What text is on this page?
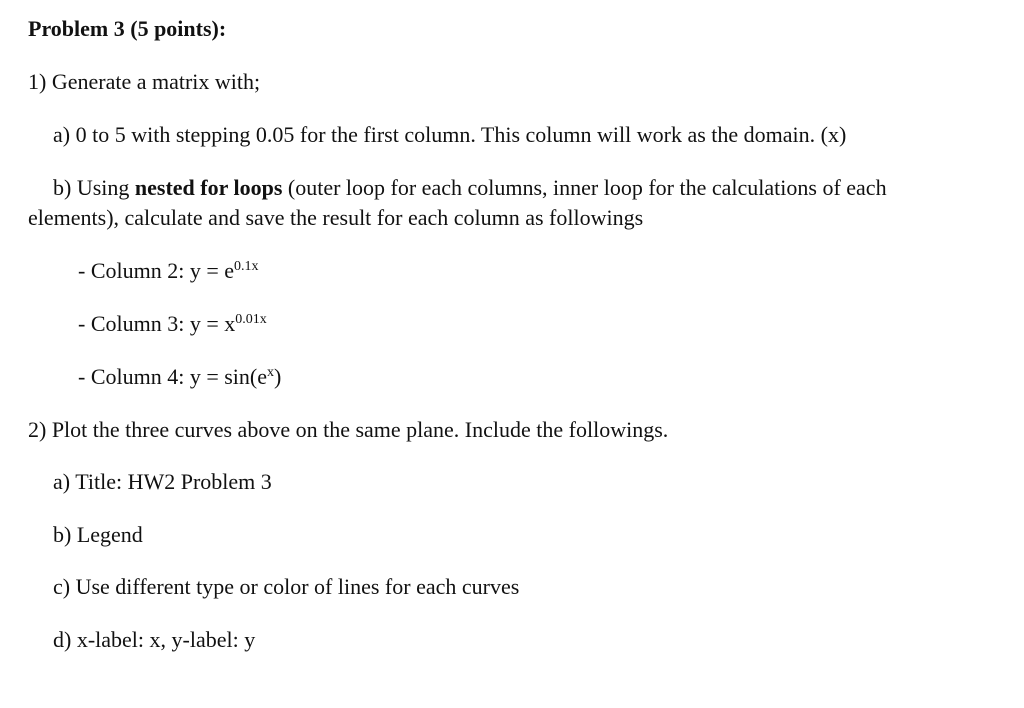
Problem 3 (5 points):
1) Generate a matrix with;
a) 0 to 5 with stepping 0.05 for the first column. This column will work as the domain. (x)
b) Using nested for loops (outer loop for each columns, inner loop for the calculations of each
elements), calculate and save the result for each column as followings
- Column 2: $y = e^{0.1x}$
- Column 3: $y = x^{0.01x}$
- Column 4: $y = \sin(e^x)$
2) Plot the three curves above on the same plane. Include the followings.
a) Title: HW2 Problem 3
b) Legend
c) Use different type or color of lines for each curves
d) x-label: x, y-label: y
